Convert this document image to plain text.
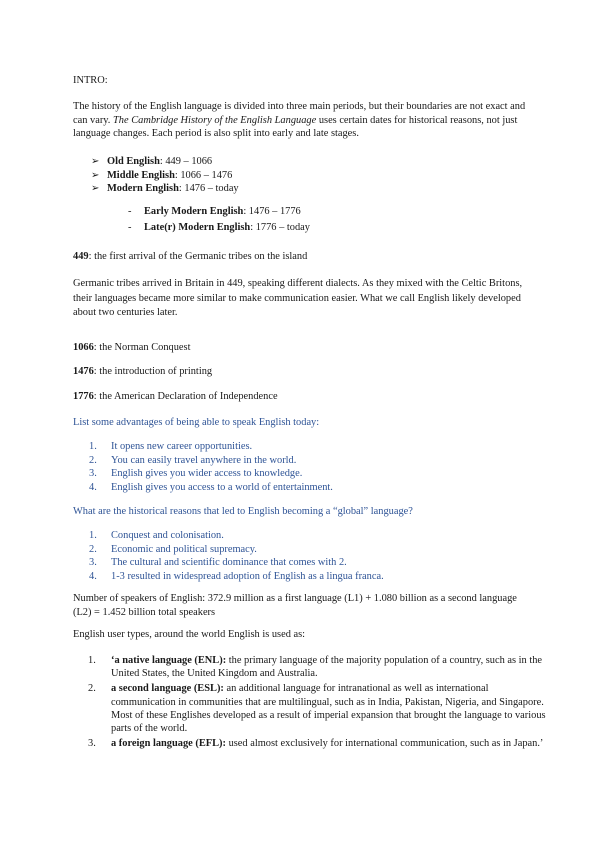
INTRO:

The history of the English language is divided into three main periods, but their boundaries are not exact and can vary. The Cambridge History of the English Language uses certain dates for historical reasons, not just language changes. Each period is also split into early and late stages.

➢ Old English: 449 – 1066
➢ Middle English: 1066 – 1476
➢ Modern English: 1476 – today
-	Early Modern English: 1476 – 1776
-	Late(r) Modern English: 1776 – today

449: the first arrival of the Germanic tribes on the island

Germanic tribes arrived in Britain in 449, speaking different dialects. As they mixed with the Celtic Britons, their languages became more similar to make communication easier. What we call English likely developed about two centuries later.

1066: the Norman Conquest

1476: the introduction of printing

1776: the American Declaration of Independence

List some advantages of being able to speak English today:

1.	It opens new career opportunities.
2.	You can easily travel anywhere in the world.
3.	English gives you wider access to knowledge.
4.	English gives you access to a world of entertainment.

What are the historical reasons that led to English becoming a “global” language?

1.	Conquest and colonisation.
2.	Economic and political supremacy.
3.	The cultural and scientific dominance that comes with 2.
4.	1-3 resulted in widespread adoption of English as a lingua franca.

Number of speakers of English: 372.9 million as a first language (L1) + 1.080 billion as a second language (L2) = 1.452 billion total speakers

English user types, around the world English is used as:

1.	‘a native language (ENL): the primary language of the majority population of a country, such as in the United States, the United Kingdom and Australia.
2.	a second language (ESL): an additional language for intranational as well as international communication in communities that are multilingual, such as in India, Pakistan, Nigeria, and Singapore. Most of these Englishes developed as a result of imperial expansion that brought the language to various parts of the world.
3.	a foreign language (EFL): used almost exclusively for international communication, such as in Japan.’
